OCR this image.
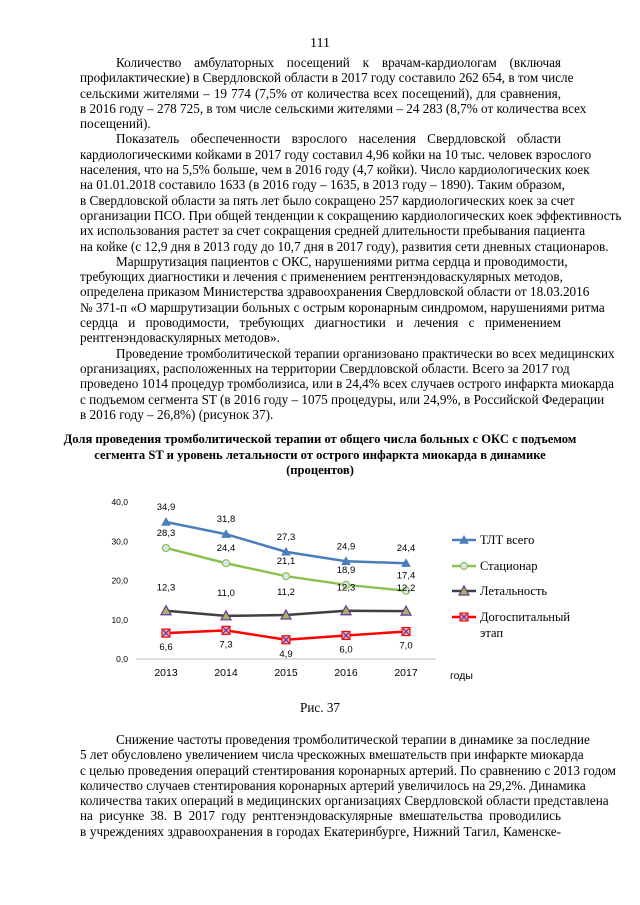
111
Количество амбулаторных посещений к врачам-кардиологам (включая
профилактические) в Свердловской области в 2017 году составило 262 654, в том числе
сельскими жителями – 19 774 (7,5% от количества всех посещений), для сравнения,
в 2016 году – 278 725, в том числе сельскими жителями – 24 283 (8,7% от количества всех
посещений).
Показатель обеспеченности взрослого населения Свердловской области
кардиологическими койками в 2017 году составил 4,96 койки на 10 тыс. человек взрослого
населения, что на 5,5% больше, чем в 2016 году (4,7 койки). Число кардиологических коек
на 01.01.2018 составило 1633 (в 2016 году – 1635, в 2013 году – 1890). Таким образом,
в Свердловской области за пять лет было сокращено 257 кардиологических коек за счет
организации ПСО. При общей тенденции к сокращению кардиологических коек эффективность
их использования растет за счет сокращения средней длительности пребывания пациента
на койке (с 12,9 дня в 2013 году до 10,7 дня в 2017 году), развития сети дневных стационаров.
Маршрутизация пациентов с ОКС, нарушениями ритма сердца и проводимости,
требующих диагностики и лечения с применением рентгенэндоваскулярных методов,
определена приказом Министерства здравоохранения Свердловской области от 18.03.2016
№ 371-п «О маршрутизации больных с острым коронарным синдромом, нарушениями ритма
сердца и проводимости, требующих диагностики и лечения с применением
рентгенэндоваскулярных методов».
Проведение тромболитической терапии организовано практически во всех медицинских
организациях, расположенных на территории Свердловской области. Всего за 2017 год
проведено 1014 процедур тромболизиса, или в 24,4% всех случаев острого инфаркта миокарда
с подъемом сегмента ST (в 2016 году – 1075 процедуры, или 24,9%, в Российской Федерации
в 2016 году – 26,8%) (рисунок 37).
Доля проведения тромболитической терапии от общего числа больных с ОКС с подъемом
сегмента ST и уровень летальности от острого инфаркта миокарда в динамике
(процентов)
0,0
10,0
20,0
30,0
40,0
2013	2014	2015	2016	2017	годы
34,9
31,8
27,3
24,9	24,4
ТЛТ всего
28,3
24,4
21,1
18,9
17,4
Стационар
12,3	11,0	11,2	12,3	12,2	Летальность
6,6	7,3
4,9	6,0	7,0
Догоспитальный
этап
Рис. 37
Снижение частоты проведения тромболитической терапии в динамике за последние
5 лет обусловлено увеличением числа чрескожных вмешательств при инфаркте миокарда
с целью проведения операций стентирования коронарных артерий. По сравнению с 2013 годом
количество случаев стентирования коронарных артерий увеличилось на 29,2%. Динамика
количества таких операций в медицинских организациях Свердловской области представлена
на рисунке 38. В 2017 году рентгенэндоваскулярные вмешательства проводились
в учреждениях здравоохранения в городах Екатеринбурге, Нижний Тагил, Каменске-
